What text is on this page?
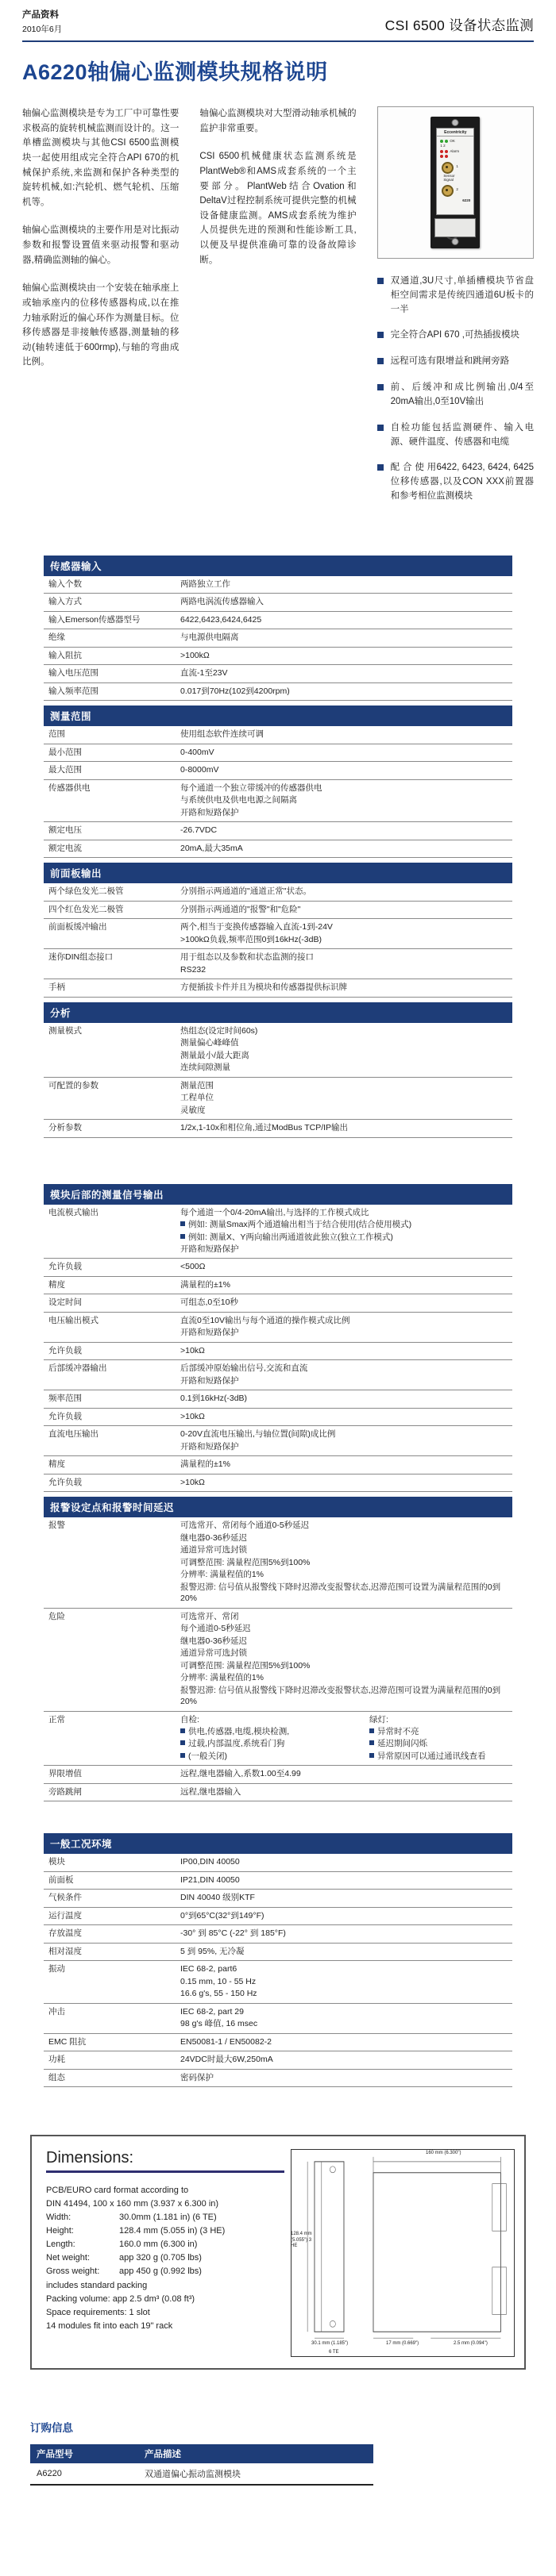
产品资料
2010年6月	CSI 6500 设备状态监测
A6220轴偏心监测模块规格说明

轴偏心监测模块是专为工厂中可靠性要求极高的旋转机械监测而设计的。这一单槽监测模块与其他CSI 6500监测模块一起使用组成完全符合API 670的机械保护系统,来监测和保护各种类型的旋转机械,如:汽轮机、燃气轮机、压缩机等。

轴偏心监测模块的主要作用是对比振动参数和报警设置值来驱动报警和驱动器,精确监测轴的偏心。

轴偏心监测模块由一个安装在轴承座上或轴承座内的位移传感器构成,以在推力轴承附近的偏心环作为测量目标。位移传感器是非接触传感器,测量轴的移动(轴转速低于600rmp),与轴的弯曲成比例。

轴偏心监测模块对大型滑动轴承机械的监护非常重要。

CSI 6500机械健康状态监测系统是PlantWeb®和AMS成套系统的一个主要部分。PlantWeb结合Ovation和DeltaV过程控制系统可提供完整的机械设备健康监测。AMS成套系统为维护人员提供先进的预测和性能诊断工具,以便及早提供准确可靠的设备故障诊断。

Eccentricity
OK
1 2
Alarm

1
Sensor
Signal
2
6220
双通道,3U尺寸,单插槽模块节省盘柜空间需求是传统四通道6U板卡的一半
完全符合API 670 ,可热插拔模块
远程可选有限增益和跳闸旁路
前、后缓冲和成比例输出,0/4至20mA输出,0至10V输出
自检功能包括监测硬件、输入电源、硬件温度、传感器和电缆
配 合 使 用6422, 6423, 6424, 6425位移传感器,以及CON XXX前置器和参考相位监测模块
传感器输入
输入个数	两路独立工作
输入方式	两路电涡流传感器输入
输入Emerson传感器型号	6422,6423,6424,6425
绝缘	与电源供电隔离
输入阻抗	>100kΩ
输入电压范围	直流-1至23V
输入频率范围	0.017到70Hz(102到4200rpm)
测量范围
范围	使用组态软件连续可调
最小范围	0-400mV
最大范围	0-8000mV
传感器供电	每个通道一个独立带缓冲的传感器供电
与系统供电及供电电源之间隔离
开路和短路保护
额定电压	-26.7VDC
额定电流	20mA,最大35mA
前面板输出
两个绿色发光二极管	分别指示两通道的"通道正常"状态。
四个红色发光二极管	分别指示两通道的"报警"和"危险"
前面板缓冲输出	两个,相当于变换传感器输入直流-1到-24V
>100kΩ负载,频率范围0到16kHz(-3dB)
迷你DIN组态接口	用于组态以及参数和状态监测的接口
RS232
手柄	方便插拔卡件并且为模块和传感器提供标识牌
分析
测量模式	热组态(设定时间60s)
测量偏心峰峰值
测量最小/最大距离
连续间隙测量
可配置的参数	测量范围
工程单位
灵敏度
分析参数	1/2x,1-10x和相位角,通过ModBus TCP/IP输出
模块后部的测量信号输出
电流模式输出	每个通道一个0/4-20mA输出,与选择的工作模式成比
例如: 测量Smax两个通道输出相当于结合使用(结合使用模式)
例如: 测量X、Y两向输出两通道彼此独立(独立工作模式)
开路和短路保护
允许负载	<500Ω
精度	满量程的±1%
设定时间	可组态,0至10秒
电压输出模式	直流0至10V输出与每个通道的操作模式成比例
开路和短路保护
允许负载	>10kΩ
后部缓冲器输出	后部缓冲原始输出信号,交流和直流
开路和短路保护
频率范围	0.1到16kHz(-3dB)
允许负载	>10kΩ
直流电压输出	0-20V直流电压输出,与轴位置(间隙)成比例
开路和短路保护
精度	满量程的±1%
允许负载	>10kΩ
报警设定点和报警时间延迟
报警	可选常开、常闭每个通道0-5秒延迟
继电器0-36秒延迟
通道异常可选封锁
可调整范围: 满量程范围5%到100%
分辨率: 满量程值的1%
报警迟滞: 信号值从报警线下降时迟滞改变报警状态,迟滞范围可设置为满量程范围的0到20%
危险	可选常开、常闭
每个通道0-5秒延迟
继电器0-36秒延迟
通道异常可选封锁
可调整范围: 满量程范围5%到100%
分辨率: 满量程值的1%
报警迟滞: 信号值从报警线下降时迟滞改变报警状态,迟滞范围可设置为满量程范围的0到20%
正常	自检:
供电,传感器,电缆,模块检测,
过载,内部温度,系统看门狗
(一般关闭)
绿灯:
异常时不亮
延迟期间闪烁
异常原因可以通过通讯线查看
界限增值	远程,继电器输入,系数1.00至4.99
旁路跳闸	远程,继电器输入
一般工况环境
模块	IP00,DIN 40050
前面板	IP21,DIN 40050
气候条件	DIN 40040 级别KTF
运行温度	0°到65°C(32°到149°F)
存放温度	-30° 到 85°C (-22° 到 185°F)
相对湿度	5 到 95%, 无冷凝
振动	IEC 68-2, part6
0.15 mm, 10 - 55 Hz
16.6 g's, 55 - 150 Hz
冲击	IEC 68-2, part 29
98 g's 峰值, 16 msec
EMC 阻抗	EN50081-1 / EN50082-2
功耗	24VDC时最大6W,250mA
组态	密码保护
Dimensions:
PCB/EURO card format according to
DIN 41494, 100 x 160 mm (3.937 x 6.300 in)
Width:	30.0mm (1.181 in) (6 TE)
Height:	128.4 mm (5.055 in) (3 HE)
Length:	160.0 mm (6.300 in)
Net weight:	app 320 g (0.705 lbs)
Gross weight:	app 450 g (0.992 lbs)
includes standard packing
Packing volume: app 2.5 dm³ (0.08 ft³)
Space requirements: 1 slot
14 modules fit into each 19" rack
160 mm (6.300")
128.4 mm (5.055") 3 HE
30.1 mm (1.185")
6 TE
17 mm (0.669")	2.5 mm (0.094")
订购信息
产品型号	产品描述
A6220	双通道偏心振动监测模块
